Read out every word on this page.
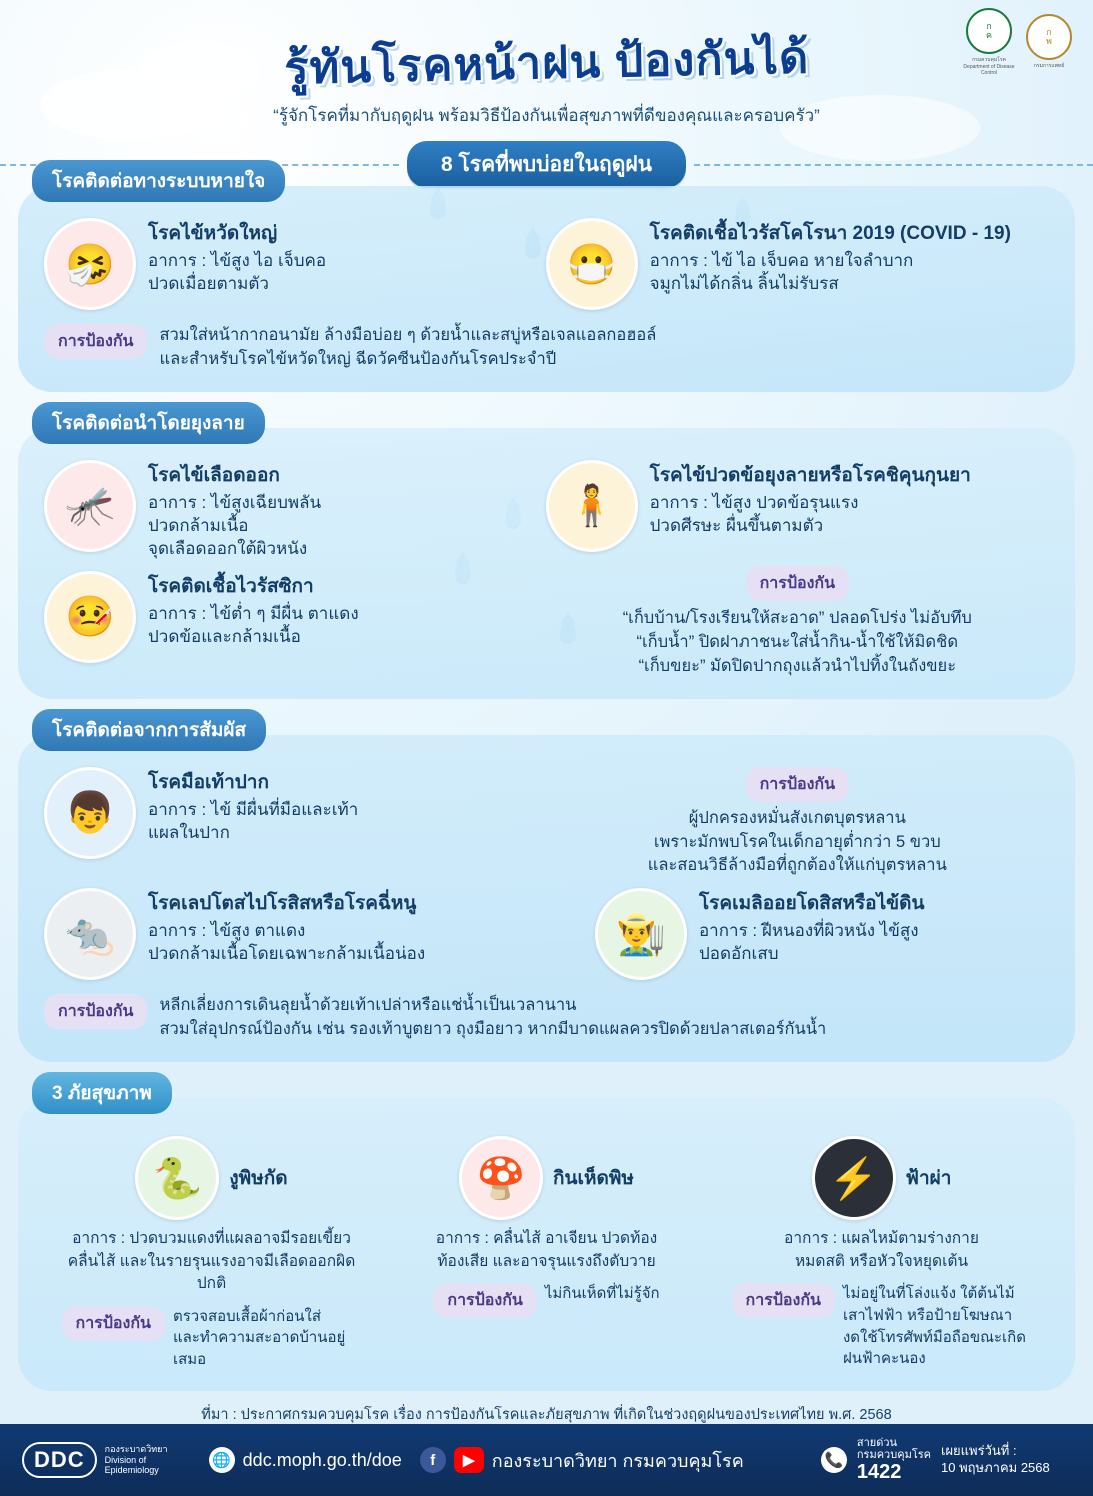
ก
ค
กรมควบคุมโรค Department of Disease Control
ก
พ
กรมการแพทย์
รู้ทันโรคหน้าฝน ป้องกันได้
“รู้จักโรคที่มากับฤดูฝน พร้อมวิธีป้องกันเพื่อสุขภาพที่ดีของคุณและครอบครัว”
8 โรคที่พบบ่อยในฤดูฝน
โรคติดต่อทางระบบหายใจ
🤧
โรคไข้หวัดใหญ่
อาการ : ไข้สูง ไอ เจ็บคอ
ปวดเมื่อยตามตัว	😷
โรคติดเชื้อไวรัสโคโรนา 2019 (COVID - 19)
อาการ : ไข้ ไอ เจ็บคอ หายใจลำบาก
จมูกไม่ได้กลิ่น ลิ้นไม่รับรส
การป้องกัน	สวมใส่หน้ากากอนามัย ล้างมือบ่อย ๆ ด้วยน้ำและสบู่หรือเจลแอลกอฮอล์
และสำหรับโรคไข้หวัดใหญ่ ฉีดวัคซีนป้องกันโรคประจำปี
โรคติดต่อนำโดยยุงลาย
🦟
โรคไข้เลือดออก
อาการ : ไข้สูงเฉียบพลัน
ปวดกล้ามเนื้อ
จุดเลือดออกใต้ผิวหนัง
🤒
โรคติดเชื้อไวรัสซิกา
อาการ : ไข้ต่ำ ๆ มีผื่น ตาแดง
ปวดข้อและกล้ามเนื้อ
🧍
โรคไข้ปวดข้อยุงลายหรือโรคชิคุนกุนยา
อาการ : ไข้สูง ปวดข้อรุนแรง
ปวดศีรษะ ผื่นขึ้นตามตัว
การป้องกัน
“เก็บบ้าน/โรงเรียนให้สะอาด” ปลอดโปร่ง ไม่อับทึบ
“เก็บน้ำ” ปิดฝาภาชนะใส่น้ำกิน-น้ำใช้ให้มิดชิด
“เก็บขยะ” มัดปิดปากถุงแล้วนำไปทิ้งในถังขยะ
โรคติดต่อจากการสัมผัส
👦
โรคมือเท้าปาก
อาการ : ไข้ มีผื่นที่มือและเท้า
แผลในปาก
การป้องกัน
ผู้ปกครองหมั่นสังเกตบุตรหลาน
เพราะมักพบโรคในเด็กอายุต่ำกว่า 5 ขวบ
และสอนวิธีล้างมือที่ถูกต้องให้แก่บุตรหลาน
🐀
โรคเลปโตสไปโรสิสหรือโรคฉี่หนู
อาการ : ไข้สูง ตาแดง
ปวดกล้ามเนื้อโดยเฉพาะกล้ามเนื้อน่อง	👨‍🌾
โรคเมลิออยโดสิสหรือไข้ดิน
อาการ : ฝีหนองที่ผิวหนัง ไข้สูง
ปอดอักเสบ
การป้องกัน	หลีกเลี่ยงการเดินลุยน้ำด้วยเท้าเปล่าหรือแช่น้ำเป็นเวลานาน
สวมใส่อุปกรณ์ป้องกัน เช่น รองเท้าบูตยาว ถุงมือยาว หากมีบาดแผลควรปิดด้วยปลาสเตอร์กันน้ำ
3 ภัยสุขภาพ
🐍	งูพิษกัด
อาการ : ปวดบวมแดงที่แผลอาจมีรอยเขี้ยว
คลื่นไส้ และในรายรุนแรงอาจมีเลือดออกผิดปกติ
การป้องกัน	ตรวจสอบเสื้อผ้าก่อนใส่
และทำความสะอาดบ้านอยู่เสมอ
🍄	กินเห็ดพิษ
อาการ : คลื่นไส้ อาเจียน ปวดท้อง
ท้องเสีย และอาจรุนแรงถึงตับวาย
การป้องกัน	ไม่กินเห็ดที่ไม่รู้จัก
⚡	ฟ้าผ่า
อาการ : แผลไหม้ตามร่างกาย
หมดสติ หรือหัวใจหยุดเต้น
การป้องกัน	ไม่อยู่ในที่โล่งแจ้ง ใต้ต้นไม้
เสาไฟฟ้า หรือป้ายโฆษณา
งดใช้โทรศัพท์มือถือขณะเกิดฝนฟ้าคะนอง
ที่มา : ประกาศกรมควบคุมโรค เรื่อง การป้องกันโรคและภัยสุขภาพ ที่เกิดในช่วงฤดูฝนของประเทศไทย พ.ศ. 2568
DDC	กองระบาดวิทยา Division of Epidemiology
🌐 ddc.moph.go.th/doe	f	▶ กองระบาดวิทยา กรมควบคุมโรค	📞
สายด่วน
กรมควบคุมโรค
1422
เผยแพร่วันที่ :
10 พฤษภาคม 2568
